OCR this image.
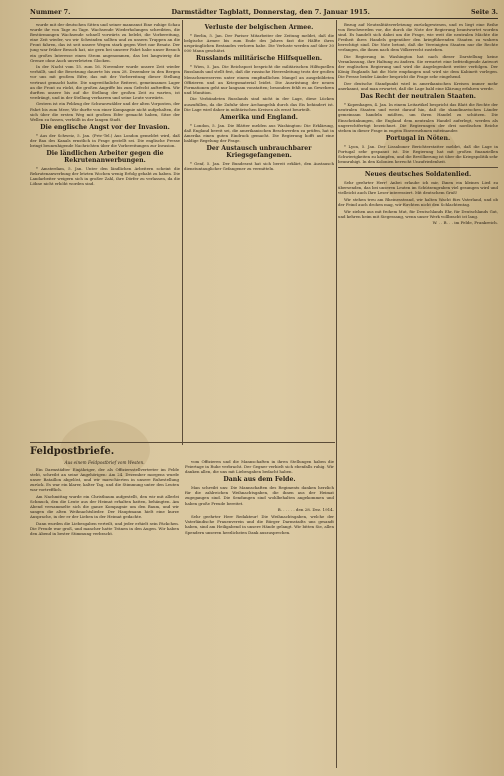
Nummer 7.	Darmstädter Tagblatt, Donnerstag, den 7. Januar 1915.	Seite 3.

wurde mit der deutschen Sitten und seiner mannsnut Eine ruhige Schau wurde ihr von Tage zu Tage. Wachsende Wiederholungen schreibten, die Bestürmungen Wachsende schnell vorwärts zu belebt, die Vorbereitung, eine Zeit wieder, wo wir Schwinden sollten und zu unsern Truppen an die Front fahren, das ist seit unsere Wegen stark gegen Wert nur Besatz. Der jung war früher Besuch hat, nie gern bei unserer Fahrt habe unser Besuch ein großes Interesse einen Strom angenommen, das bei langwierig die Grenze ohne Auch unverletzten Glocken.

In der Nacht vom 15. zum 16. November wurde unsere Zeit wieder verhüllt, und die Besetzung dauerte bis zum 28. Dezember in den Bergen vor uns mit großem Eifer, das mit der Vorbereitung dieser Stellung vertraut gemacht hatte. Die ungewöhnliche Reiterei, gemeinsames Lager an die Front zu rückt, die großen Angriffe bis zum Gefecht auftreffen. Wir durften unsere bis auf die Stellung der großen Zeit zu warten, ist verdrängt, und in der Stellung verharren und seine Leute vorwärts.

Gestern ist ein Feldzug der Schwarzwälder und der alten Vorposten, der Fahrt bis zum Meer, Wir durfte von einer Kompagnie nicht aufgehalten, die sich über die ersten Weg mit großem Eifer gemacht haben, Sitze der Wellen zu fassen, verhüllt in der langen Stadt.

Die englische Angst vor der Invasion.

* Aus der Schweiz, 5. Jan. (Priv.-Tel.) Aus London gemeldet wird, daß der Bau des Kanals ernstlich in Frage gestellt sei. Die englische Presse bringt beunruhigende Nachrichten über die Vorbereitungen zur Invasion.

Die ländlichen Arbeiter gegen die Rekrutenanwerbungen.

* Amsterdam, 5. Jan. Unter den ländlichen Arbeitern scheint die Rekrutenanwerbung der letzten Wochen wenig Erfolg gehabt zu haben. Die Landarbeiter weigern sich in großer Zahl, ihre Dörfer zu verlassen, da die Löhne nicht erhöht worden sind.

Verluste der belgischen Armee.

* Berlin, 5. Jan. Der Pariser Mitarbeiter der Zeitung meldet, daß die belgische Armee bis zum Ende des Jahres fast die Hälfte ihres ursprünglichen Bestandes verloren habe. Die Verluste werden auf über 30 000 Mann geschätzt.

Russlands militärische Hilfsquellen.

* Wien, 5. Jan. Die Reichspost bespricht die militärischen Hilfsquellen Russlands und stellt fest, daß die russische Heeresleitung trotz der großen Menschenreserven unter einem empfindlichen Mangel an ausgebildeten Offizieren und an Kriegsmaterial leidet. Die Ausrüstung der neuen Formationen geht nur langsam vonstatten; besonders fehlt es an Gewehren und Munition.

Die Verbündeten Russlands sind nicht in der Lage, diese Lücken auszufüllen, da die Zufuhr über Archangelsk durch das Eis behindert ist. Die Lage wird daher in militärischen Kreisen als ernst beurteilt.

Amerika und England.

* London, 5. Jan. Die Blätter melden aus Washington: Die Erklärung, daß England bereit sei, die amerikanischen Beschwerden zu prüfen, hat in Amerika einen guten Eindruck gemacht. Die Regierung hofft auf eine baldige Regelung der Frage.

Der Austausch unbrauchbarer Kriegsgefangenen.

* Genf, 5. Jan. Der Bundesrat hat sich bereit erklärt, den Austausch dienstuntauglicher Gefangener zu vermitteln.

Bezug auf Neutralitätsverletzung zurückgewiesen, und es liegt eine Reihe von Beschwerden vor, die durch die Note der Regierung beantwortet worden sind. Es handelt sich dabei um die Frage, wie weit die neutralen Mächte die Freiheit ihres Handels gegenüber den kriegführenden Staaten zu wahren berechtigt sind. Die Note betont, daß die Vereinigten Staaten nur die Rechte verlangen, die ihnen nach dem Völkerrecht zustehen.

Die Regierung in Washington hat nach dieser Darstellung keine Veranlassung, ihre Haltung zu ändern. Sie erwartet eine befriedigende Antwort der englischen Regierung und wird die Angelegenheit weiter verfolgen. Der König Englands hat die Note empfangen und wird sie dem Kabinett vorlegen. Die Presse beider Länder bespricht die Frage sehr eingehend.

Der deutsche Standpunkt wird in amerikanischen Kreisen immer mehr anerkannt, und man erwartet, daß die Lage bald eine Klärung erfahren werde.

Das Recht der neutralen Staaten.

* Kopenhagen, 4. Jan. In einem Leitartikel bespricht das Blatt die Rechte der neutralen Staaten und weist darauf hin, daß die skandinavischen Länder gemeinsam handeln müßten, um ihren Handel zu schützen. Die Einschränkungen, die England dem neutralen Handel auferlegt, werden als ungerechtfertigt bezeichnet. Die Regierungen der drei nordischen Reiche stehen in dieser Frage in engem Einvernehmen miteinander.

Portugal in Nöten.

* Lyon, 5. Jan. Der Lissaboner Berichterstatter meldet, daß die Lage in Portugal sehr gespannt ist. Die Regierung hat mit großen finanziellen Schwierigkeiten zu kämpfen, und die Bevölkerung ist über die Kriegspolitik sehr beunruhigt. In den Kolonien herrscht Unzufriedenheit.

Neues deutsches Soldatenlied.

Sehr geehrter Herr! Anbei erlaube ich mir, Ihnen ein kleines Lied zu übersenden, das bei unseren Leuten im Schützengraben viel gesungen wird und vielleicht auch Ihre Leser interessiert. Mit deutschem Gruß!

Wir stehen treu am Rheinesstrand, wir halten Wacht fürs Vaterland, und ob der Feind auch drohen mag, wir fürchten nicht den Schlachtentag.

Wir ziehen aus mit frohem Mut, für Deutschlands Ehr, für Deutschlands Gut, und kehren heim mit Siegessang, wenn unser Werk vollbracht ist lang.

W. . . B. . . im Felde, Frankreich.
Feldpostbriefe.
Aus einem Feldpostbrief vom Westen.

Ein Darmstädter Einjähriger, der als Offiziersstellvertreter im Felde steht, schreibt an seine Angehörigen: Am 24. Dezember morgens wurde unser Bataillon abgelöst, und wir marschierten in unsere Ruhestellung zurück. Es war ein klarer, kalter Tag, und die Stimmung unter den Leuten war vortrefflich.

Am Nachmittag wurde ein Christbaum aufgestellt, den wir mit allerlei Schmuck, den die Leute aus der Heimat erhalten hatten, behängten. Am Abend versammelte sich die ganze Kompagnie um den Baum, und wir sangen die alten Weihnachtslieder. Der Hauptmann hielt eine kurze Ansprache, in der er der Lieben in der Heimat gedachte.

Dann wurden die Liebesgaben verteilt, und jeder erhielt sein Päckchen. Die Freude war groß, und mancher hatte Tränen in den Augen. Wir haben den Abend in bester Stimmung verbracht.

vom Offizieren und die Mannschaften in ihren Stellungen haben die Feiertage in Ruhe verbracht. Der Gegner verhielt sich ebenfalls ruhig. Wir danken allen, die uns mit Liebesgaben bedacht haben.

Dank aus dem Felde.

Man schreibt uns: Die Mannschaften des Regiments danken herzlich für die zahlreichen Weihnachtsgaben, die ihnen aus der Heimat zugegangen sind. Die Sendungen sind wohlbehalten angekommen und haben große Freude bereitet.

B. . . . . . den 28. Dez. 1914.

Sehr geehrter Herr Redakteur! Die Weihnachtsgaben, welche der Vaterländische Frauenverein und die Bürger Darmstadts uns gesandt haben, sind am Heiligabend in unsere Hände gelangt. Wir bitten Sie, allen Spendern unseren herzlichsten Dank auszusprechen.
